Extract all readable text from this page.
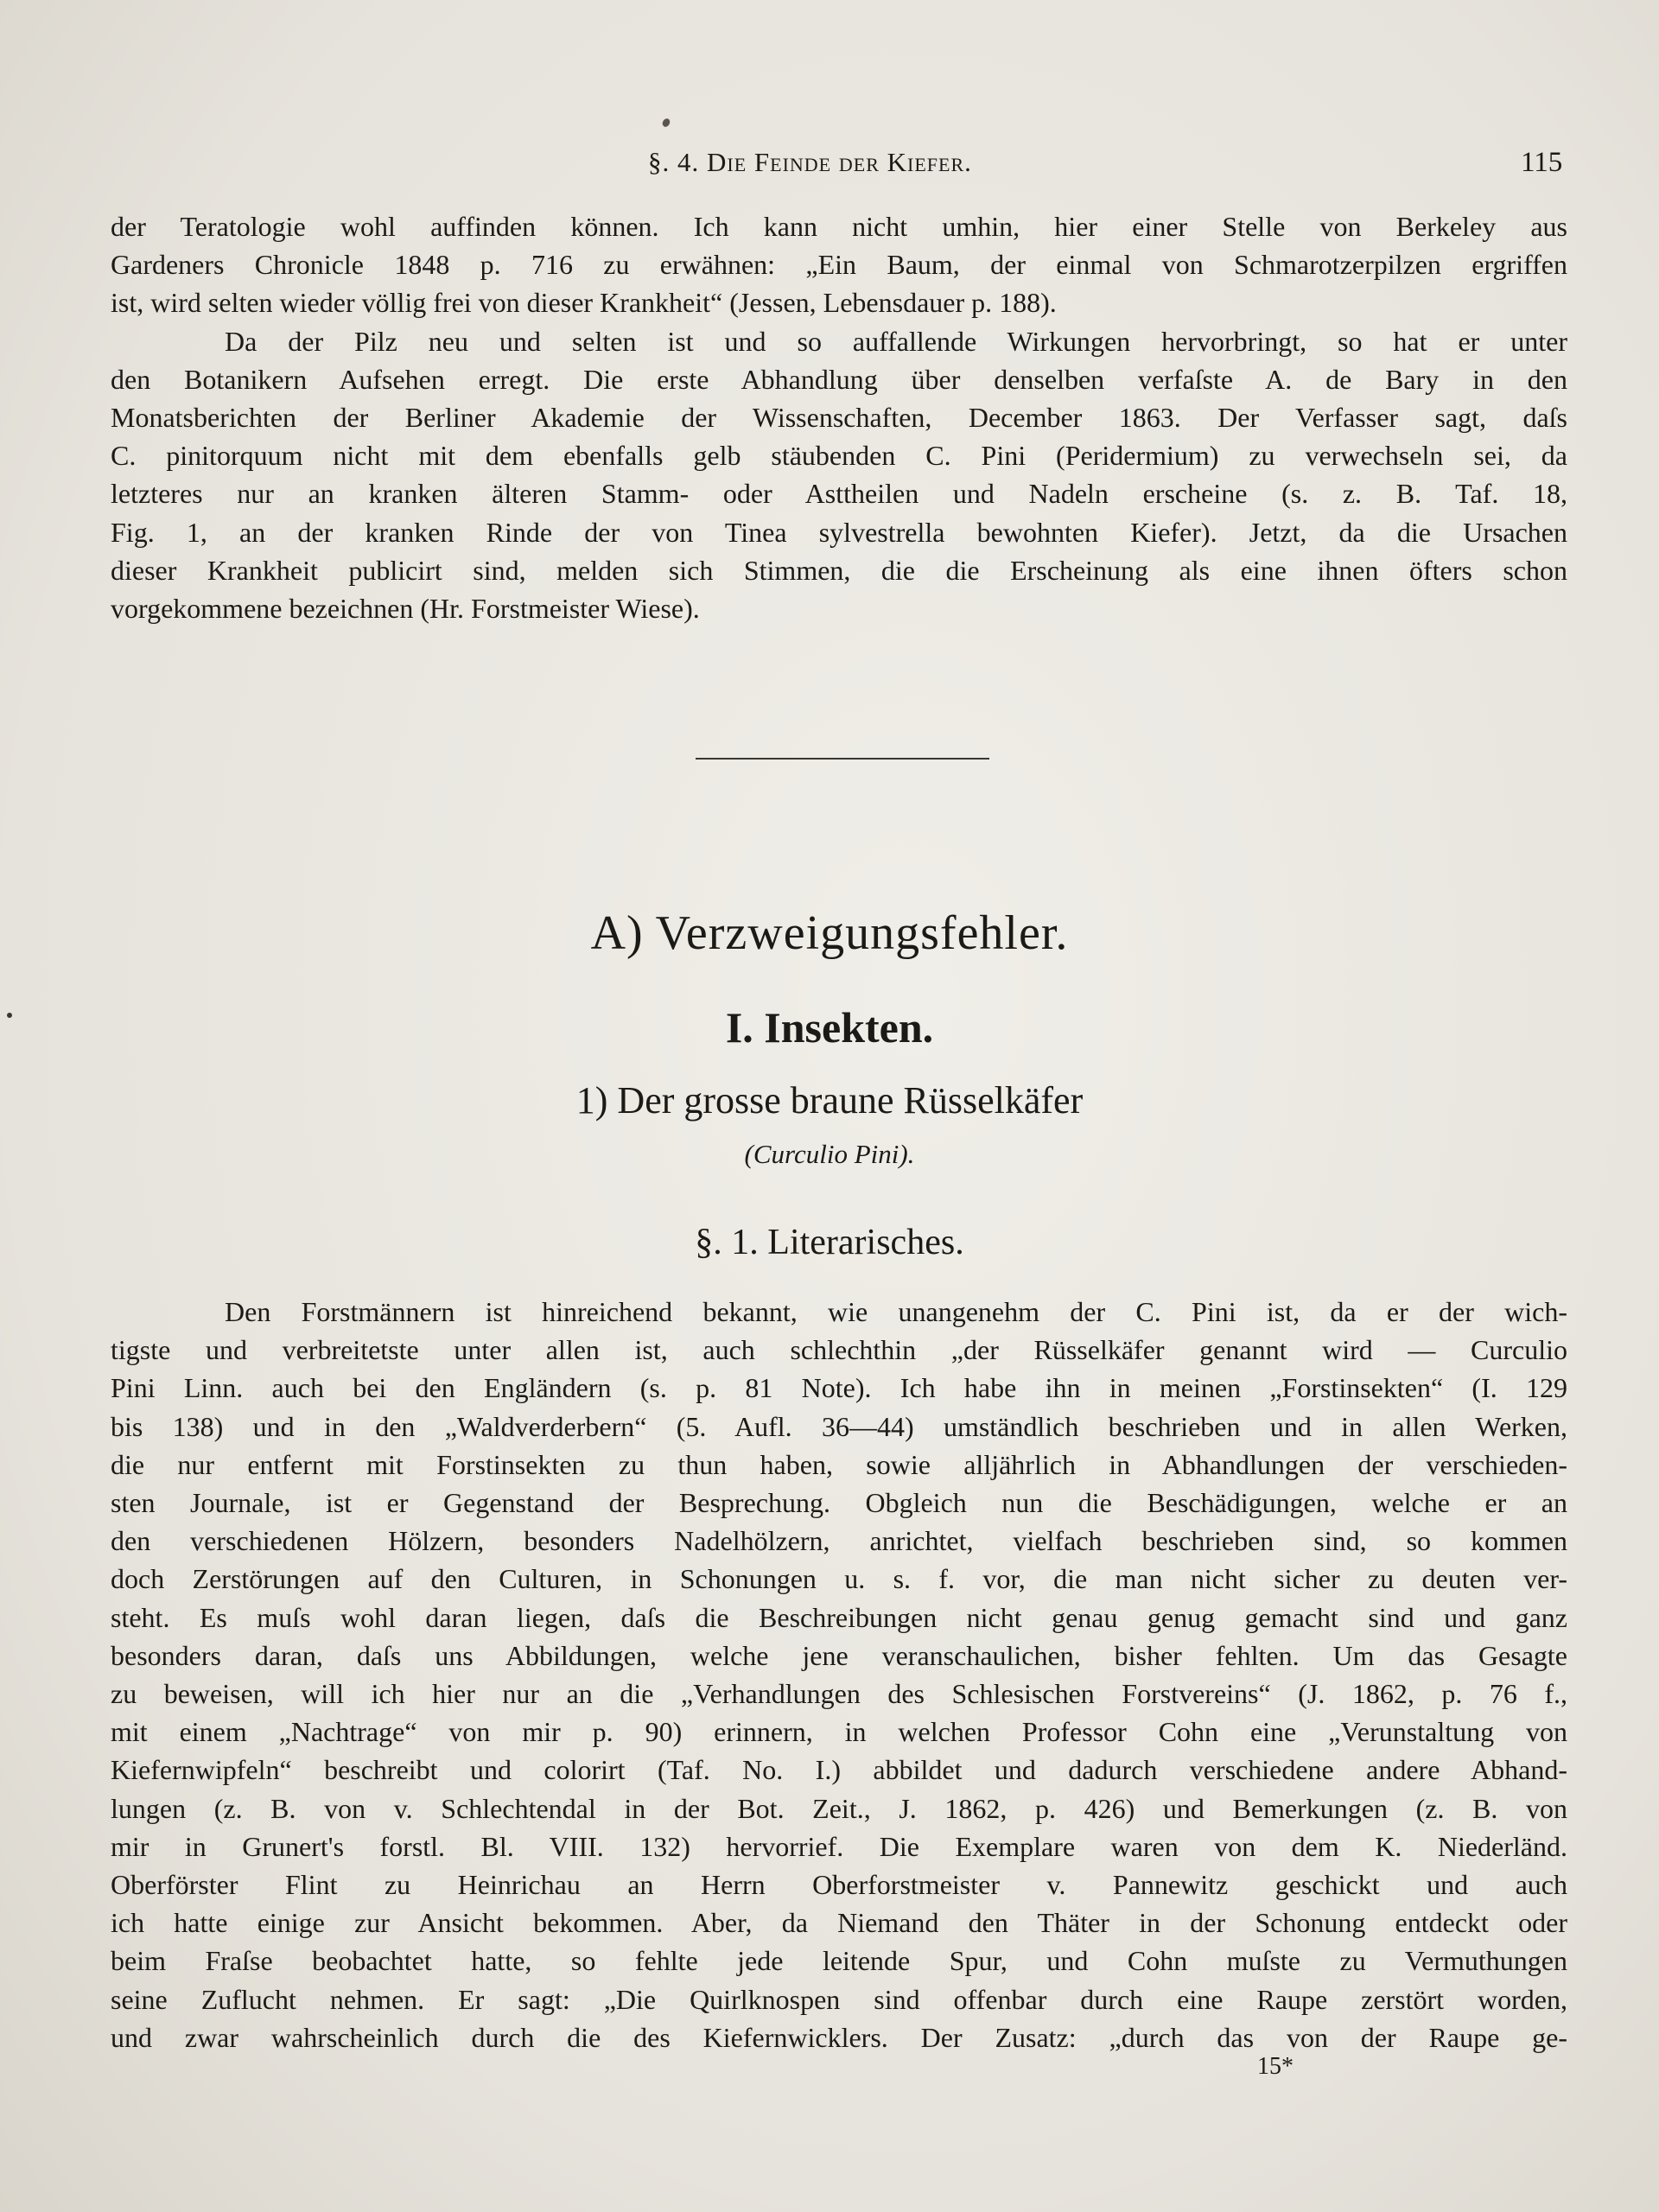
§. 4. Die Feinde der Kiefer.	115

der Teratologie wohl auffinden können. Ich kann nicht umhin, hier einer Stelle von Berkeley aus

Gardeners Chronicle 1848 p. 716 zu erwähnen: „Ein Baum, der einmal von Schmarotzerpilzen ergriffen

ist, wird selten wieder völlig frei von dieser Krankheit“ (Jessen, Lebensdauer p. 188).

Da der Pilz neu und selten ist und so auffallende Wirkungen hervorbringt, so hat er unter

den Botanikern Aufsehen erregt. Die erste Abhandlung über denselben verfaſste A. de Bary in den

Monatsberichten der Berliner Akademie der Wissenschaften, December 1863. Der Verfasser sagt, daſs

C. pinitorquum nicht mit dem ebenfalls gelb stäubenden C. Pini (Peridermium) zu verwechseln sei, da

letzteres nur an kranken älteren Stamm- oder Asttheilen und Nadeln erscheine (s. z. B. Taf. 18,

Fig. 1, an der kranken Rinde der von Tinea sylvestrella bewohnten Kiefer). Jetzt, da die Ursachen

dieser Krankheit publicirt sind, melden sich Stimmen, die die Erscheinung als eine ihnen öfters schon

vorgekommene bezeichnen (Hr. Forstmeister Wiese).

A) Verzweigungsfehler.
I. Insekten.
1) Der grosse braune Rüsselkäfer
(Curculio Pini).
§. 1. Literarisches.

Den Forstmännern ist hinreichend bekannt, wie unangenehm der C. Pini ist, da er der wich-

tigste und verbreitetste unter allen ist, auch schlechthin „der Rüsselkäfer genannt wird — Curculio

Pini Linn. auch bei den Engländern (s. p. 81 Note). Ich habe ihn in meinen „Forstinsekten“ (I. 129

bis 138) und in den „Waldverderbern“ (5. Aufl. 36—44) umständlich beschrieben und in allen Werken,

die nur entfernt mit Forstinsekten zu thun haben, sowie alljährlich in Abhandlungen der verschieden-

sten Journale, ist er Gegenstand der Besprechung. Obgleich nun die Beschädigungen, welche er an

den verschiedenen Hölzern, besonders Nadelhölzern, anrichtet, vielfach beschrieben sind, so kommen

doch Zerstörungen auf den Culturen, in Schonungen u. s. f. vor, die man nicht sicher zu deuten ver-

steht. Es muſs wohl daran liegen, daſs die Beschreibungen nicht genau genug gemacht sind und ganz

besonders daran, daſs uns Abbildungen, welche jene veranschaulichen, bisher fehlten. Um das Gesagte

zu beweisen, will ich hier nur an die „Verhandlungen des Schlesischen Forstvereins“ (J. 1862, p. 76 f.,

mit einem „Nachtrage“ von mir p. 90) erinnern, in welchen Professor Cohn eine „Verunstaltung von

Kiefernwipfeln“ beschreibt und colorirt (Taf. No. I.) abbildet und dadurch verschiedene andere Abhand-

lungen (z. B. von v. Schlechtendal in der Bot. Zeit., J. 1862, p. 426) und Bemerkungen (z. B. von

mir in Grunert's forstl. Bl. VIII. 132) hervorrief. Die Exemplare waren von dem K. Niederländ.

Oberförster Flint zu Heinrichau an Herrn Oberforstmeister v. Pannewitz geschickt und auch

ich hatte einige zur Ansicht bekommen. Aber, da Niemand den Thäter in der Schonung entdeckt oder

beim Fraſse beobachtet hatte, so fehlte jede leitende Spur, und Cohn muſste zu Vermuthungen

seine Zuflucht nehmen. Er sagt: „Die Quirlknospen sind offenbar durch eine Raupe zerstört worden,

und zwar wahrscheinlich durch die des Kiefernwicklers. Der Zusatz: „durch das von der Raupe ge-

15*
